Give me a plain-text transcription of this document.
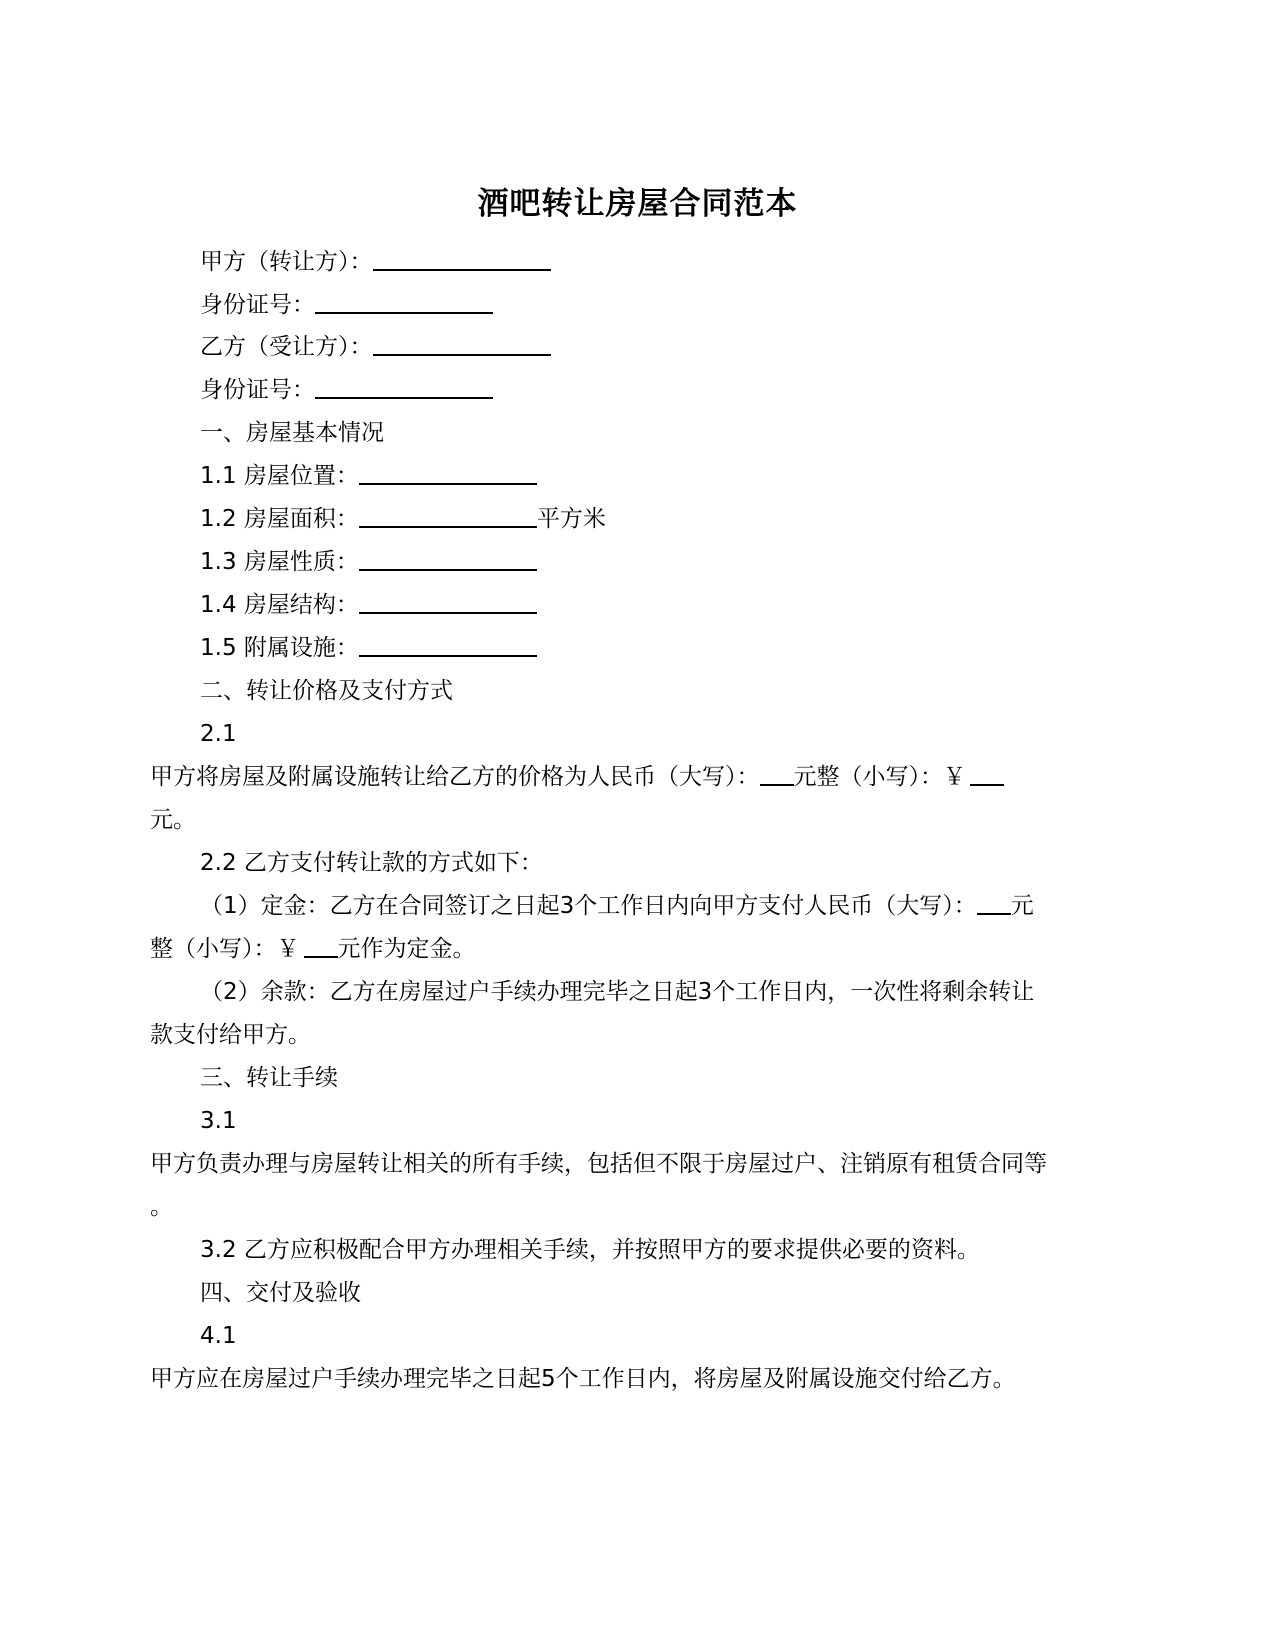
酒吧转让房屋合同范本
甲方（转让方）：
身份证号：
乙方（受让方）：
身份证号：
一、房屋基本情况
1.1 房屋位置：
1.2 房屋面积：	平方米
1.3 房屋性质：
1.4 房屋结构：
1.5 附属设施：
二、转让价格及支付方式
2.1
甲方将房屋及附属设施转让给乙方的价格为人民币（大写）： 元整（小写）：￥
元。
2.2 乙方支付转让款的方式如下：
（1）定金：乙方在合同签订之日起3个工作日内向甲方支付人民币（大写）： 元
整（小写）：￥ 元作为定金。
（2）余款：乙方在房屋过户手续办理完毕之日起3个工作日内，一次性将剩余转让
款支付给甲方。
三、转让手续
3.1
甲方负责办理与房屋转让相关的所有手续，包括但不限于房屋过户、注销原有租赁合同等
。
3.2 乙方应积极配合甲方办理相关手续，并按照甲方的要求提供必要的资料。
四、交付及验收
4.1
甲方应在房屋过户手续办理完毕之日起5个工作日内，将房屋及附属设施交付给乙方。
